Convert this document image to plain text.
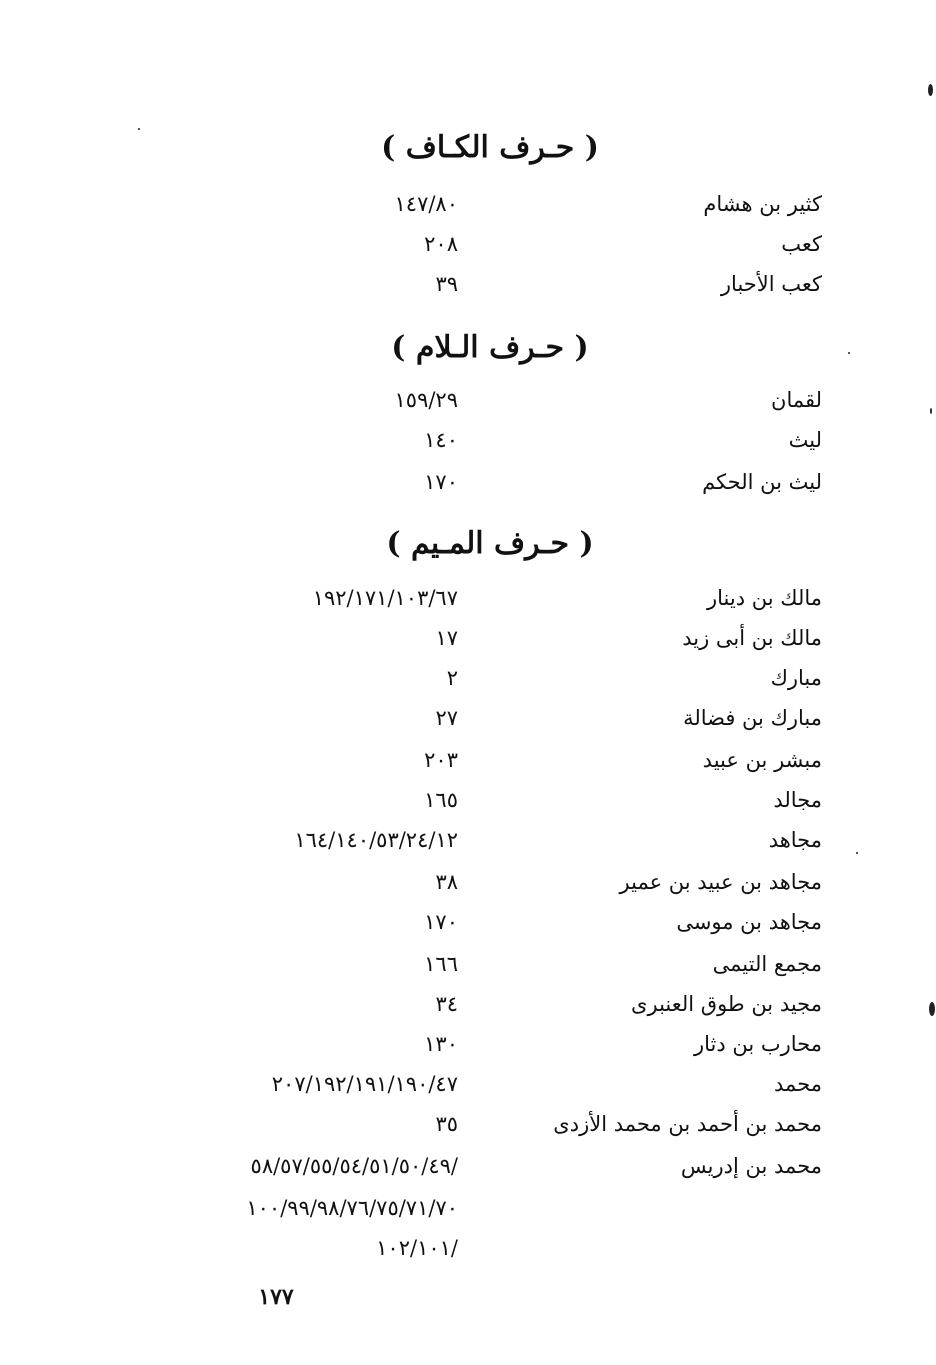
( حـرف الكـاف )
كثير بن هشام
١٤٧/٨٠
كعب
٢٠٨
كعب الأحبار
٣٩
( حـرف الـلام )
لقمان
١٥٩/٢٩
ليث
١٤٠
ليث بن الحكم
١٧٠
( حـرف المـيم )
مالك بن دينار
١٩٢/١٧١/١٠٣/٦٧
مالك بن أبى زيد
١٧
مبارك
٢
مبارك بن فضالة
٢٧
مبشر بن عبيد
٢٠٣
مجالد
١٦٥
مجاهد
١٦٤/١٤٠/٥٣/٢٤/١٢
مجاهد بن عبيد بن عمير
٣٨
مجاهد بن موسى
١٧٠
مجمع التيمى
١٦٦
مجيد بن طوق العنبرى
٣٤
محارب بن دثار
١٣٠
محمد
٢٠٧/١٩٢/١٩١/١٩٠/٤٧
محمد بن أحمد بن محمد الأزدى
٣٥
محمد بن إدريس
/٥٨/٥٧/٥٥/٥٤/٥١/٥٠/٤٩
١٠٠/٩٩/٩٨/٧٦/٧٥/٧١/٧٠
/١٠٢/١٠١
١٧٧
